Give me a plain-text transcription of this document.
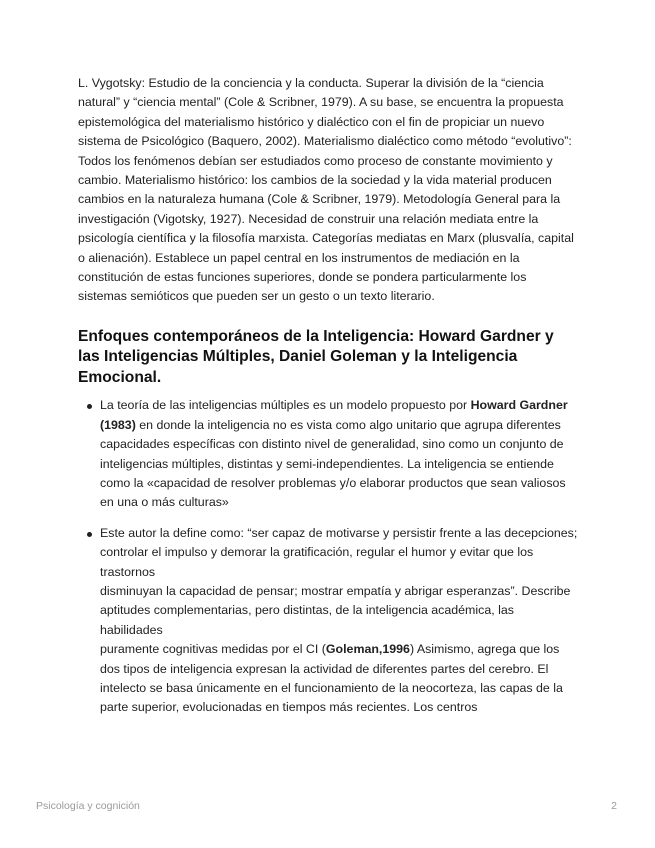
L. Vygotsky: Estudio de la conciencia y la conducta. Superar la división de la “ciencia natural” y “ciencia mental” (Cole & Scribner, 1979). A su base, se encuentra la propuesta epistemológica del materialismo histórico y dialéctico con el fin de propiciar un nuevo sistema de Psicológico (Baquero, 2002). Materialismo dialéctico como método “evolutivo”: Todos los fenómenos debían ser estudiados como proceso de constante movimiento y cambio. Materialismo histórico: los cambios de la sociedad y la vida material producen cambios en la naturaleza humana (Cole & Scribner, 1979). Metodología General para la investigación (Vigotsky, 1927). Necesidad de construir una relación mediata entre la psicología científica y la filosofía marxista. Categorías mediatas en Marx (plusvalía, capital o alienación). Establece un papel central en los instrumentos de mediación en la constitución de estas funciones superiores, donde se pondera particularmente los sistemas semióticos que pueden ser un gesto o un texto literario.

Enfoques contemporáneos de la Inteligencia: Howard Gardner y las Inteligencias Múltiples, Daniel Goleman y la Inteligencia Emocional.
La teoría de las inteligencias múltiples es un modelo propuesto por Howard Gardner (1983) en donde la inteligencia no es vista como algo unitario que agrupa diferentes capacidades específicas con distinto nivel de generalidad, sino como un conjunto de inteligencias múltiples, distintas y semi-independientes. La inteligencia se entiende como la «capacidad de resolver problemas y/o elaborar productos que sean valiosos en una o más culturas»
Este autor la define como: “ser capaz de motivarse y persistir frente a las decepciones;
controlar el impulso y demorar la gratificación, regular el humor y evitar que los trastornos
disminuyan la capacidad de pensar; mostrar empatía y abrigar esperanzas”. Describe
aptitudes complementarias, pero distintas, de la inteligencia académica, las habilidades
puramente cognitivas medidas por el CI (Goleman,1996) Asimismo, agrega que los dos tipos de inteligencia expresan la actividad de diferentes partes del cerebro. El intelecto se basa únicamente en el funcionamiento de la neocorteza, las capas de la parte superior, evolucionadas en tiempos más recientes. Los centros
Psicología y cognición	2
